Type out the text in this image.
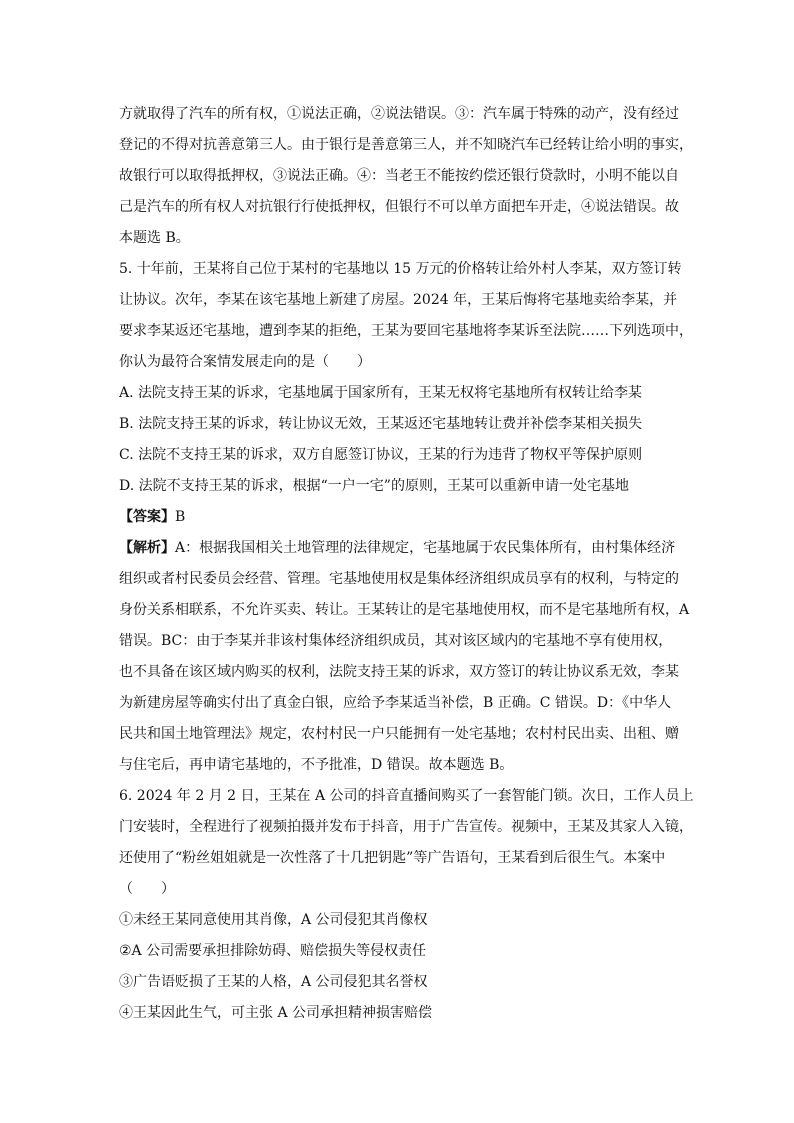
方就取得了汽车的所有权，①说法正确，②说法错误。③：汽车属于特殊的动产，没有经过
登记的不得对抗善意第三人。由于银行是善意第三人，并不知晓汽车已经转让给小明的事实，
故银行可以取得抵押权，③说法正确。④：当老王不能按约偿还银行贷款时，小明不能以自
己是汽车的所有权人对抗银行行使抵押权，但银行不可以单方面把车开走，④说法错误。故
本题选 B。
5. 十年前，王某将自己位于某村的宅基地以 15 万元的价格转让给外村人李某，双方签订转
让协议。次年，李某在该宅基地上新建了房屋。2024 年，王某后悔将宅基地卖给李某，并
要求李某返还宅基地，遭到李某的拒绝，王某为要回宅基地将李某诉至法院……下列选项中，
你认为最符合案情发展走向的是（　　）
A. 法院支持王某的诉求，宅基地属于国家所有，王某无权将宅基地所有权转让给李某
B. 法院支持王某的诉求，转让协议无效，王某返还宅基地转让费并补偿李某相关损失
C. 法院不支持王某的诉求，双方自愿签订协议，王某的行为违背了物权平等保护原则
D. 法院不支持王某的诉求，根据“一户一宅”的原则，王某可以重新申请一处宅基地
【答案】B
【解析】A：根据我国相关土地管理的法律规定，宅基地属于农民集体所有，由村集体经济
组织或者村民委员会经营、管理。宅基地使用权是集体经济组织成员享有的权利，与特定的
身份关系相联系，不允许买卖、转让。王某转让的是宅基地使用权，而不是宅基地所有权，A
错误。BC：由于李某并非该村集体经济组织成员，其对该区域内的宅基地不享有使用权，
也不具备在该区域内购买的权利，法院支持王某的诉求，双方签订的转让协议系无效，李某
为新建房屋等确实付出了真金白银，应给予李某适当补偿，B 正确。C 错误。D：《中华人
民共和国土地管理法》规定，农村村民一户只能拥有一处宅基地；农村村民出卖、出租、赠
与住宅后，再申请宅基地的，不予批准，D 错误。故本题选 B。
6. 2024 年 2 月 2 日，王某在 A 公司的抖音直播间购买了一套智能门锁。次日，工作人员上
门安装时，全程进行了视频拍摄并发布于抖音，用于广告宣传。视频中，王某及其家人入镜，
还使用了“粉丝姐姐就是一次性落了十几把钥匙”等广告语句，王某看到后很生气。本案中
（　　）
①未经王某同意使用其肖像，A 公司侵犯其肖像权
②A 公司需要承担排除妨碍、赔偿损失等侵权责任
③广告语贬损了王某的人格，A 公司侵犯其名誉权
④王某因此生气，可主张 A 公司承担精神损害赔偿
